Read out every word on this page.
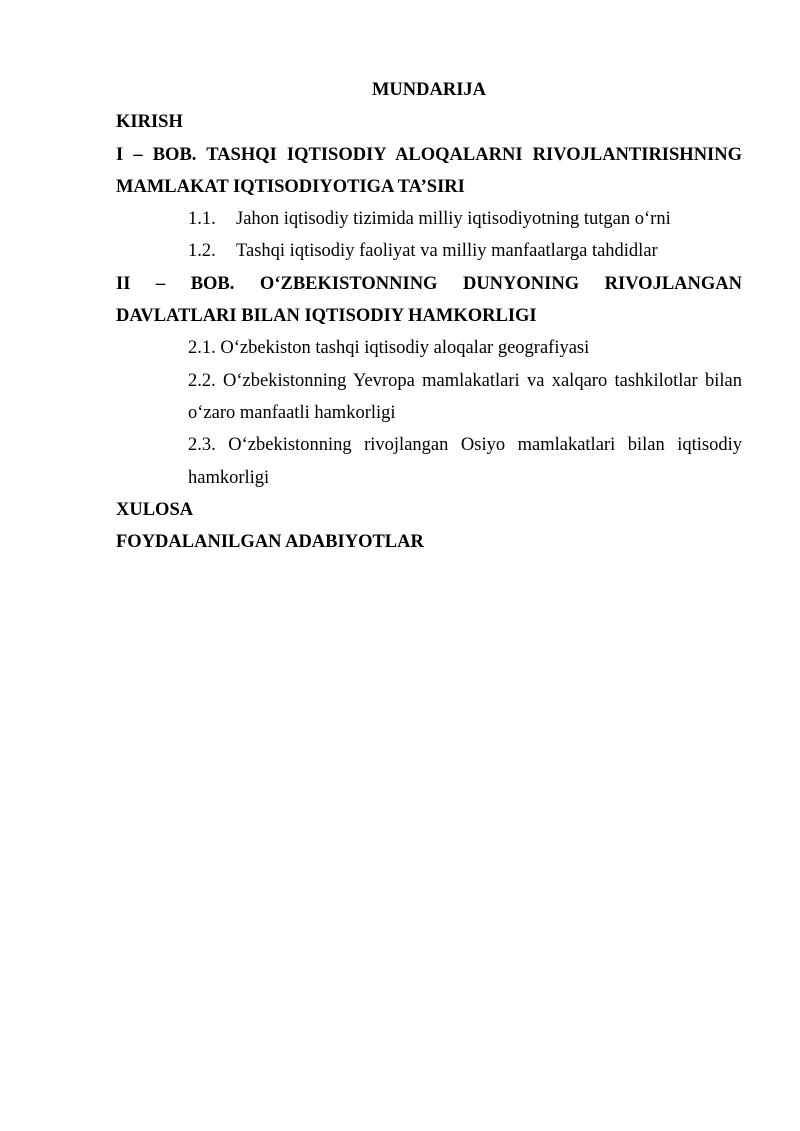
MUNDARIJA

KIRISH

I – BOB. TASHQI IQTISODIY ALOQALARNI RIVOJLANTIRISHNING

MAMLAKAT IQTISODIYOTIGA TA’SIRI

1.1.	Jahon iqtisodiy tizimida milliy iqtisodiyotning tutgan o‘rni
1.2.	Tashqi iqtisodiy faoliyat va milliy manfaatlarga tahdidlar

II – BOB. O‘ZBEKISTONNING DUNYONING RIVOJLANGAN

DAVLATLARI BILAN IQTISODIY HAMKORLIGI

2.1. O‘zbekiston tashqi iqtisodiy aloqalar geografiyasi

2.2. O‘zbekistonning Yevropa mamlakatlari va xalqaro tashkilotlar bilan

o‘zaro manfaatli hamkorligi

2.3. O‘zbekistonning rivojlangan Osiyo mamlakatlari bilan iqtisodiy

hamkorligi

XULOSA

FOYDALANILGAN ADABIYOTLAR
